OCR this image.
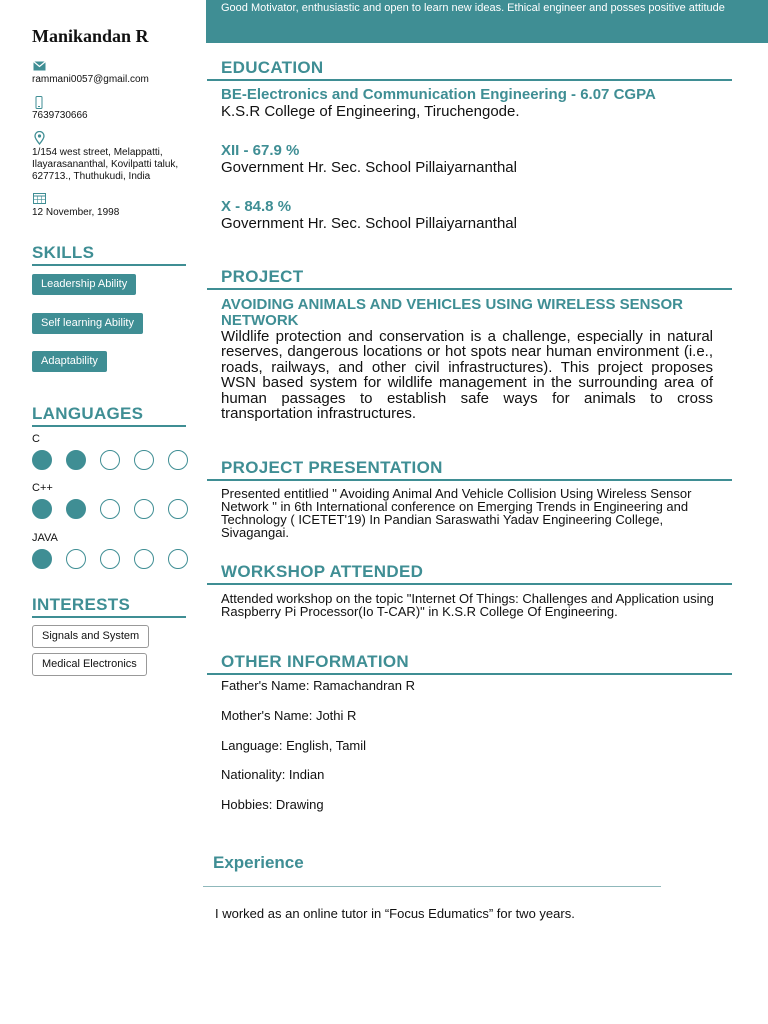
Manikandan R
rammani0057@gmail.com
7639730666
1/154 west street, Melappatti, Ilayarasananthal, Kovilpatti taluk, 627713., Thuthukudi, India
12 November, 1998
SKILLS
Leadership Ability
Self learning Ability
Adaptability
LANGUAGES
C
C++
JAVA
INTERESTS
Signals and System
Medical Electronics
Good Motivator, enthusiastic and open to learn new ideas. Ethical engineer and posses positive attitude
EDUCATION
BE-Electronics and Communication Engineering - 6.07 CGPA
K.S.R College of Engineering, Tiruchengode.
XII - 67.9 %
Government Hr. Sec. School Pillaiyarnanthal
X - 84.8 %
Government Hr. Sec. School Pillaiyarnanthal
PROJECT
AVOIDING ANIMALS AND VEHICLES USING WIRELESS SENSOR NETWORK
Wildlife protection and conservation is a challenge, especially in natural reserves, dangerous locations or hot spots near human environment (i.e., roads, railways, and other civil infrastructures). This project proposes WSN based system for wildlife management in the surrounding area of human passages to establish safe ways for animals to cross transportation infrastructures.
PROJECT PRESENTATION
Presented entitlied " Avoiding Animal And Vehicle Collision Using Wireless Sensor Network " in 6th International conference on Emerging Trends in Engineering and Technology ( ICETET'19) In Pandian Saraswathi Yadav Engineering College, Sivagangai.
WORKSHOP ATTENDED
Attended workshop on the topic "Internet Of Things: Challenges and Application using Raspberry Pi Processor(Io T-CAR)" in K.S.R College Of Engineering.
OTHER INFORMATION
Father's Name: Ramachandran R
Mother's Name: Jothi R
Language: English, Tamil
Nationality: Indian
Hobbies: Drawing
Experience
I worked as an online tutor in “Focus Edumatics” for two years.
